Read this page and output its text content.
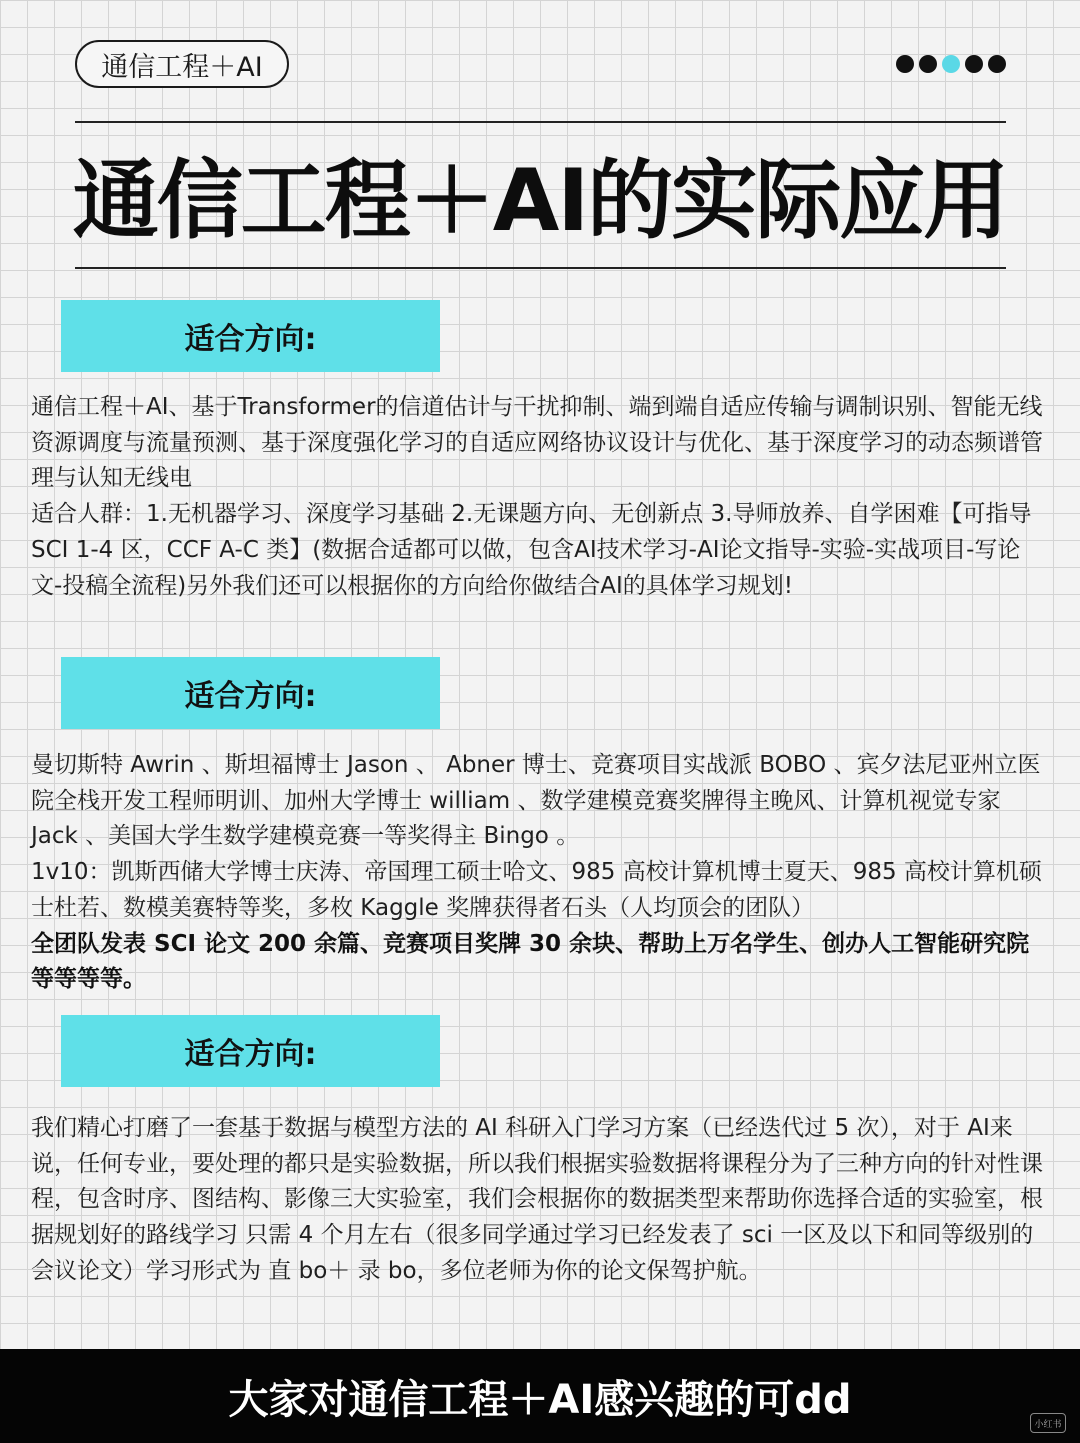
通信工程＋AI
通信工程＋AI的实际应用
适合方向:

通信工程＋AI、基于Transformer的信道估计与干扰抑制、端到端自适应传输与调制识别、智能无线资源调度与流量预测、基于深度强化学习的自适应网络协议设计与优化、基于深度学习的动态频谱管理与认知无线电

适合人群：1.无机器学习、深度学习基础 2.无课题方向、无创新点 3.导师放养、自学困难【可指导SCI 1-4 区，CCF A-C 类】(数据合适都可以做，包含AI技术学习-AI论文指导-实验-实战项目-写论文-投稿全流程)另外我们还可以根据你的方向给你做结合AI的具体学习规划!

适合方向:

曼切斯特 Awrin 、斯坦福博士 Jason 、 Abner 博士、竞赛项目实战派 BOBO 、宾夕法尼亚州立医院全栈开发工程师明训、加州大学博士 william 、数学建模竞赛奖牌得主晚风、计算机视觉专家 Jack 、美国大学生数学建模竞赛一等奖得主 Bingo 。

1v10：凯斯西储大学博士庆涛、帝国理工硕士哈文、985 高校计算机博士夏天、985 高校计算机硕士杜若、数模美赛特等奖，多枚 Kaggle 奖牌获得者石头（人均顶会的团队）

全团队发表 SCI 论文 200 余篇、竞赛项目奖牌 30 余块、帮助上万名学生、创办人工智能研究院等等等等。

适合方向:

我们精心打磨了一套基于数据与模型方法的 AI 科研入门学习方案（已经迭代过 5 次），对于 AI来说，任何专业，要处理的都只是实验数据，所以我们根据实验数据将课程分为了三种方向的针对性课程，包含时序、图结构、影像三大实验室，我们会根据你的数据类型来帮助你选择合适的实验室，根据规划好的路线学习 只需 4 个月左右（很多同学通过学习已经发表了 sci 一区及以下和同等级别的会议论文）学习形式为 直 bo＋ 录 bo，多位老师为你的论文保驾护航。

大家对通信工程＋AI感兴趣的可dd
小红书
